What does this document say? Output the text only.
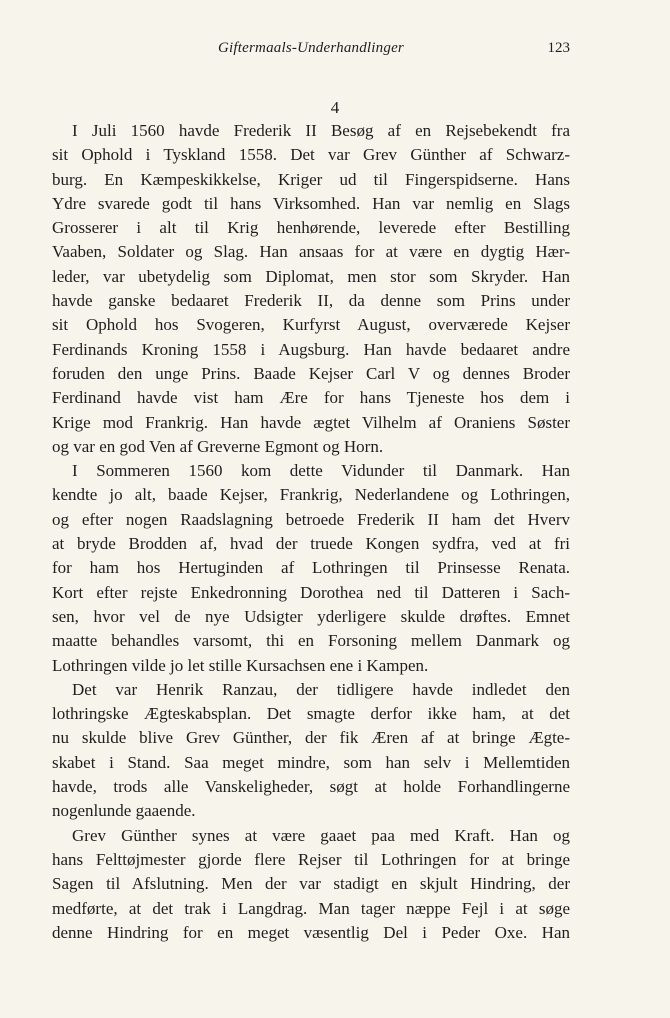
Giftermaals-Underhandlinger	123
4
I Juli 1560 havde Frederik II Besøg af en Rejsebekendt fra
sit Ophold i Tyskland 1558. Det var Grev Günther af Schwarz-
burg. En Kæmpeskikkelse, Kriger ud til Fingerspidserne. Hans
Ydre svarede godt til hans Virksomhed. Han var nemlig en Slags
Grosserer i alt til Krig henhørende, leverede efter Bestilling
Vaaben, Soldater og Slag. Han ansaas for at være en dygtig Hær-
leder, var ubetydelig som Diplomat, men stor som Skryder. Han
havde ganske bedaaret Frederik II, da denne som Prins under
sit Ophold hos Svogeren, Kurfyrst August, overværede Kejser
Ferdinands Kroning 1558 i Augsburg. Han havde bedaaret andre
foruden den unge Prins. Baade Kejser Carl V og dennes Broder
Ferdinand havde vist ham Ære for hans Tjeneste hos dem i
Krige mod Frankrig. Han havde ægtet Vilhelm af Oraniens Søster
og var en god Ven af Greverne Egmont og Horn.
I Sommeren 1560 kom dette Vidunder til Danmark. Han
kendte jo alt, baade Kejser, Frankrig, Nederlandene og Lothringen,
og efter nogen Raadslagning betroede Frederik II ham det Hverv
at bryde Brodden af, hvad der truede Kongen sydfra, ved at fri
for ham hos Hertuginden af Lothringen til Prinsesse Renata.
Kort efter rejste Enkedronning Dorothea ned til Datteren i Sach-
sen, hvor vel de nye Udsigter yderligere skulde drøftes. Emnet
maatte behandles varsomt, thi en Forsoning mellem Danmark og
Lothringen vilde jo let stille Kursachsen ene i Kampen.
Det var Henrik Ranzau, der tidligere havde indledet den
lothringske Ægteskabsplan. Det smagte derfor ikke ham, at det
nu skulde blive Grev Günther, der fik Æren af at bringe Ægte-
skabet i Stand. Saa meget mindre, som han selv i Mellemtiden
havde, trods alle Vanskeligheder, søgt at holde Forhandlingerne
nogenlunde gaaende.
Grev Günther synes at være gaaet paa med Kraft. Han og
hans Felttøjmester gjorde flere Rejser til Lothringen for at bringe
Sagen til Afslutning. Men der var stadigt en skjult Hindring, der
medførte, at det trak i Langdrag. Man tager næppe Fejl i at søge
denne Hindring for en meget væsentlig Del i Peder Oxe. Han
